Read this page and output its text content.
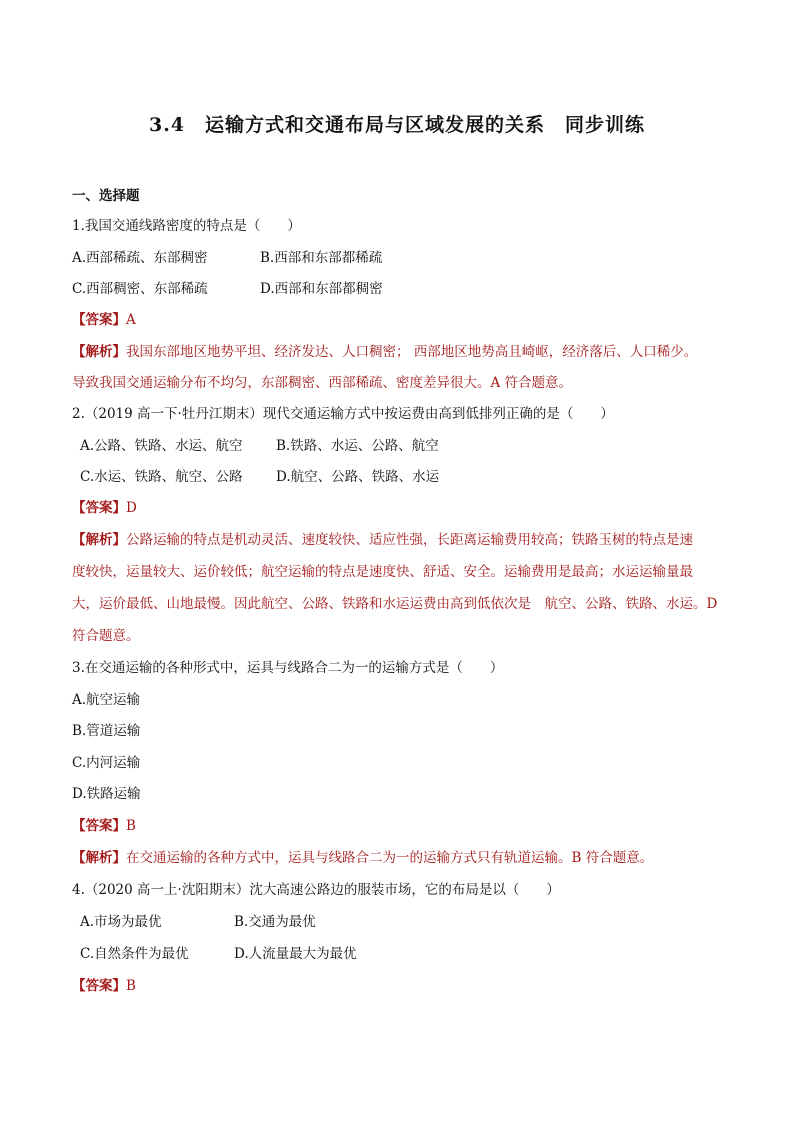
3.4　运输方式和交通布局与区域发展的关系　同步训练
一、选择题
1.我国交通线路密度的特点是（　　）
A.西部稀疏、东部稠密	B.西部和东部都稀疏
C.西部稠密、东部稀疏	D.西部和东部都稠密
【答案】A
【解析】我国东部地区地势平坦、经济发达、人口稠密； 西部地区地势高且崎岖，经济落后、人口稀少。
导致我国交通运输分布不均匀，东部稠密、西部稀疏、密度差异很大。A 符合题意。
2.（2019 高一下·牡丹江期末）现代交通运输方式中按运费由高到低排列正确的是（　　）
A.公路、铁路、水运、航空 B.铁路、水运、公路、航空
C.水运、铁路、航空、公路 D.航空、公路、铁路、水运
【答案】D
【解析】公路运输的特点是机动灵活、速度较快、适应性强，长距离运输费用较高；铁路玉树的特点是速
度较快，运量较大、运价较低；航空运输的特点是速度快、舒适、安全。运输费用是最高；水运运输量最
大，运价最低、山地最慢。因此航空、公路、铁路和水运运费由高到低依次是　航空、公路、铁路、水运。D
符合题意。
3.在交通运输的各种形式中，运具与线路合二为一的运输方式是（　　）
A.航空运输
B.管道运输
C.内河运输
D.铁路运输
【答案】B
【解析】在交通运输的各种方式中，运具与线路合二为一的运输方式只有轨道运输。B 符合题意。
4.（2020 高一上·沈阳期末）沈大高速公路边的服装市场，它的布局是以（　　）
A.市场为最优	B.交通为最优
C.自然条件为最优	D.人流量最大为最优
【答案】B
